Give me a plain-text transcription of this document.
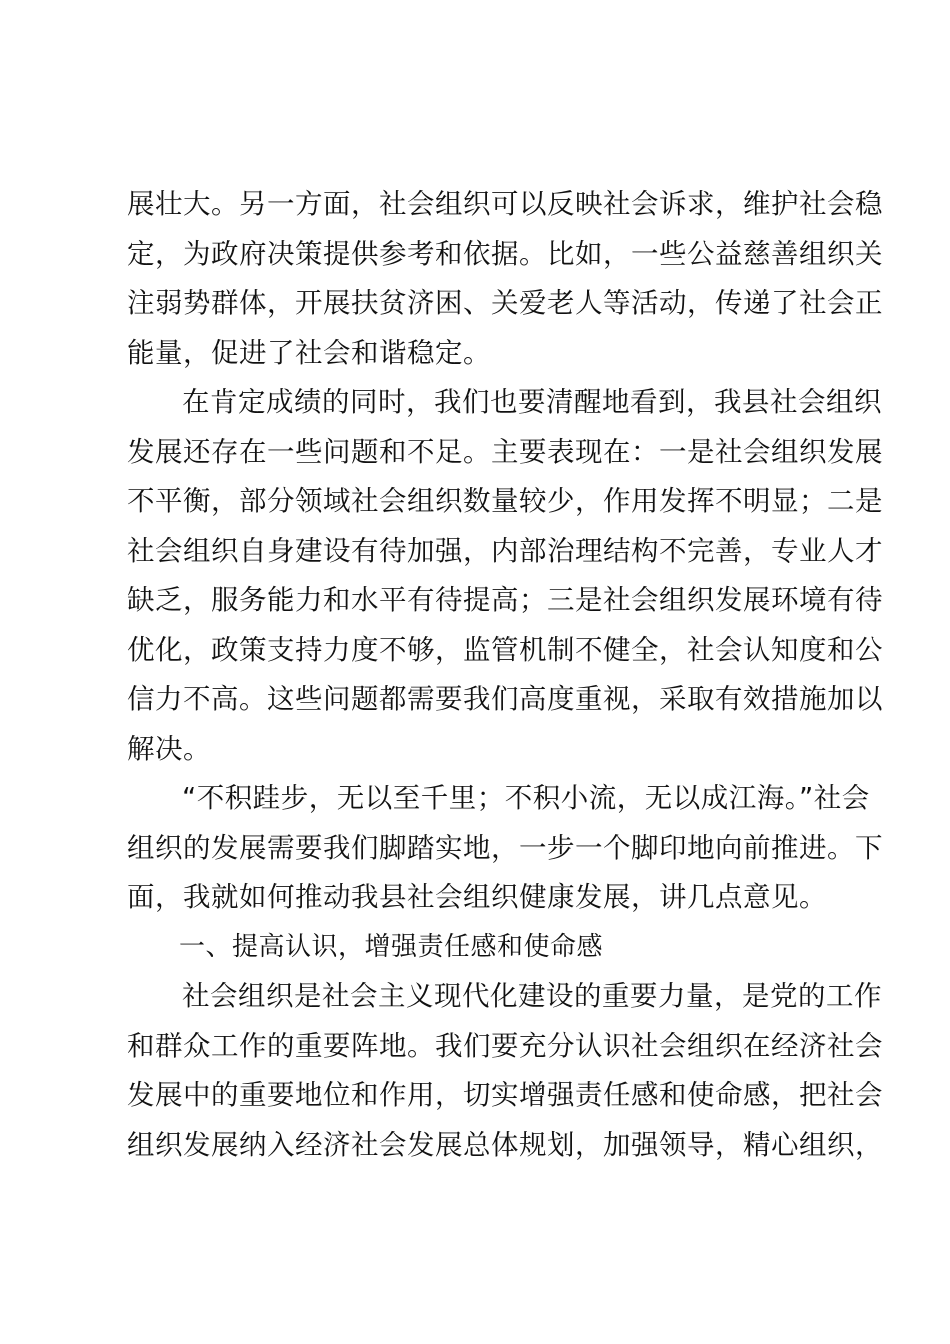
展壮大。另一方面，社会组织可以反映社会诉求，维护社会稳
定，为政府决策提供参考和依据。比如，一些公益慈善组织关
注弱势群体，开展扶贫济困、关爱老人等活动，传递了社会正
能量，促进了社会和谐稳定。
在肯定成绩的同时，我们也要清醒地看到，我县社会组织
发展还存在一些问题和不足。主要表现在：一是社会组织发展
不平衡，部分领域社会组织数量较少，作用发挥不明显；二是
社会组织自身建设有待加强，内部治理结构不完善，专业人才
缺乏，服务能力和水平有待提高；三是社会组织发展环境有待
优化，政策支持力度不够，监管机制不健全，社会认知度和公
信力不高。这些问题都需要我们高度重视，采取有效措施加以
解决。
“不积跬步，无以至千里；不积小流，无以成江海。”社会
组织的发展需要我们脚踏实地，一步一个脚印地向前推进。下
面，我就如何推动我县社会组织健康发展，讲几点意见。
一、提高认识，增强责任感和使命感
社会组织是社会主义现代化建设的重要力量，是党的工作
和群众工作的重要阵地。我们要充分认识社会组织在经济社会
发展中的重要地位和作用，切实增强责任感和使命感，把社会
组织发展纳入经济社会发展总体规划，加强领导，精心组织，
